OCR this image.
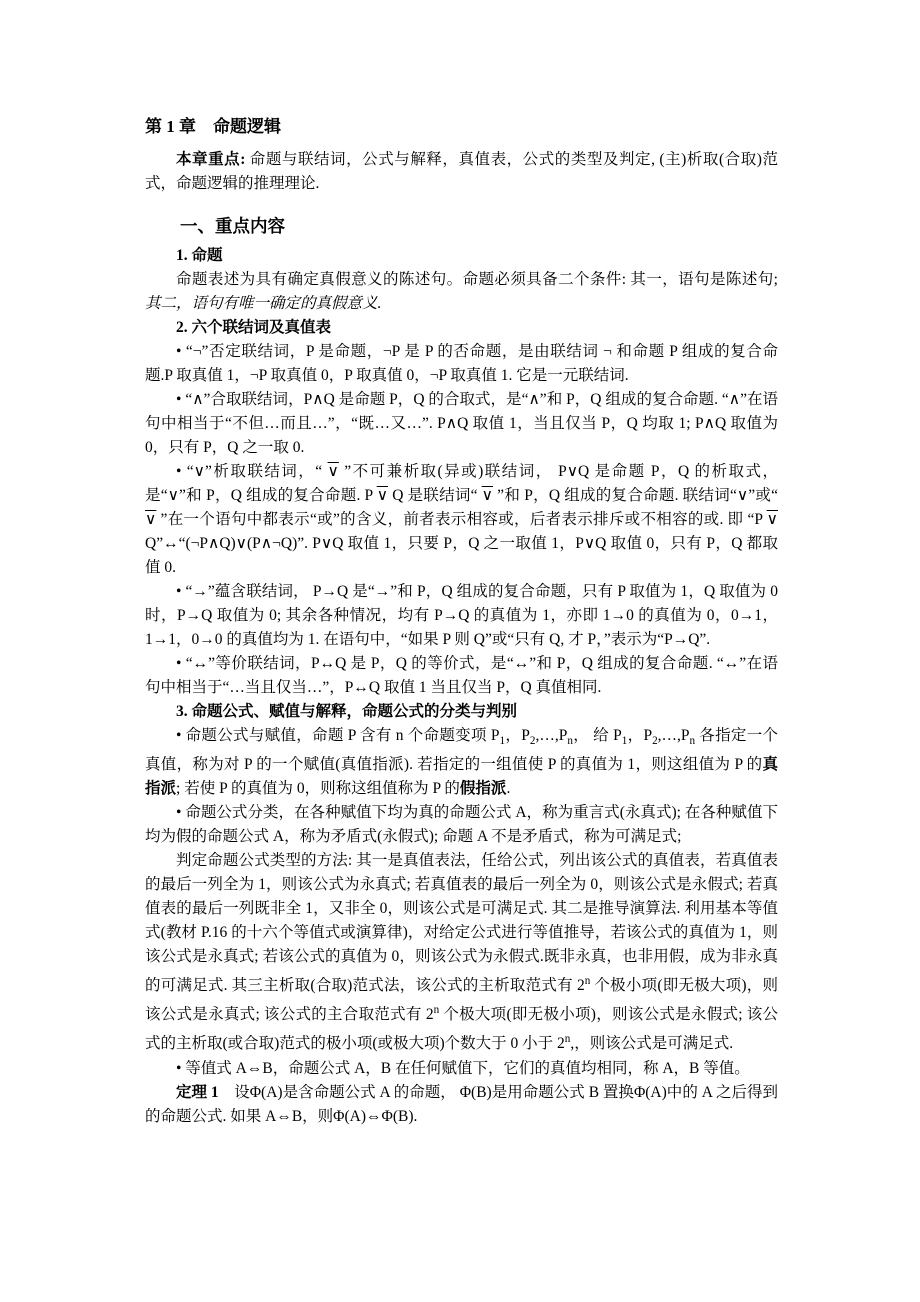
第 1 章　命题逻辑

本章重点: 命题与联结词，公式与解释，真值表，公式的类型及判定, (主)析取(合取)范式，命题逻辑的推理理论.

一、重点内容

1. 命题

命题表述为具有确定真假意义的陈述句。命题必须具备二个条件: 其一，语句是陈述句; 其二，语句有唯一确定的真假意义.

2. 六个联结词及真值表

• “¬”否定联结词，P 是命题，¬P 是 P 的否命题，是由联结词 ¬ 和命题 P 组成的复合命题.P 取真值 1，¬P 取真值 0，P 取真值 0，¬P 取真值 1. 它是一元联结词.

• “∧”合取联结词，P∧Q 是命题 P，Q 的合取式，是“∧”和 P，Q 组成的复合命题. “∧”在语句中相当于“不但…而且…”，“既…又…”. P∧Q 取值 1，当且仅当 P，Q 均取 1; P∧Q 取值为 0，只有 P，Q 之一取 0.

• “∨”析取联结词，“ ∨ ”不可兼析取(异或)联结词， P∨Q 是命题 P，Q 的析取式，是“∨”和 P，Q 组成的复合命题. P ∨ Q 是联结词“ ∨ ”和 P，Q 组成的复合命题. 联结词“∨”或“ ∨ ”在一个语句中都表示“或”的含义，前者表示相容或，后者表示排斥或不相容的或. 即 “P ∨ Q”↔“(¬P∧Q)∨(P∧¬Q)”. P∨Q 取值 1，只要 P，Q 之一取值 1，P∨Q 取值 0，只有 P，Q 都取值 0.

• “→”蕴含联结词， P→Q 是“→”和 P，Q 组成的复合命题，只有 P 取值为 1，Q 取值为 0 时，P→Q 取值为 0; 其余各种情况，均有 P→Q 的真值为 1，亦即 1→0 的真值为 0，0→1，1→1，0→0 的真值均为 1. 在语句中，“如果 P 则 Q”或“只有 Q, 才 P，”表示为“P→Q”.

• “↔”等价联结词，P↔Q 是 P，Q 的等价式，是“↔”和 P，Q 组成的复合命题. “↔”在语句中相当于“…当且仅当…”，P↔Q 取值 1 当且仅当 P，Q 真值相同.

3. 命题公式、赋值与解释，命题公式的分类与判别

• 命题公式与赋值，命题 P 含有 n 个命题变项 $P_1$，$P_2,\dots,P_n$， 给 $P_1$，$P_2,\dots,P_n$ 各指定一个真值，称为对 P 的一个赋值(真值指派). 若指定的一组值使 P 的真值为 1，则这组值为 P 的真指派; 若使 P 的真值为 0，则称这组值称为 P 的假指派.

• 命题公式分类，在各种赋值下均为真的命题公式 A，称为重言式(永真式); 在各种赋值下均为假的命题公式 A，称为矛盾式(永假式); 命题 A 不是矛盾式，称为可满足式;

判定命题公式类型的方法: 其一是真值表法，任给公式，列出该公式的真值表，若真值表的最后一列全为 1，则该公式为永真式; 若真值表的最后一列全为 0，则该公式是永假式; 若真值表的最后一列既非全 1，又非全 0，则该公式是可满足式. 其二是推导演算法. 利用基本等值式(教材 P.16 的十六个等值式或演算律)，对给定公式进行等值推导，若该公式的真值为 1，则该公式是永真式; 若该公式的真值为 0，则该公式为永假式.既非永真，也非用假，成为非永真的可满足式. 其三主析取(合取)范式法，该公式的主析取范式有 2$^n$ 个极小项(即无极大项)，则该公式是永真式; 该公式的主合取范式有 2$^n$ 个极大项(即无极小项)，则该公式是永假式; 该公式的主析取(或合取)范式的极小项(或极大项)个数大于 0 小于 2$^n$,，则该公式是可满足式.

• 等值式 A⇔B，命题公式 A，B 在任何赋值下，它们的真值均相同，称 A，B 等值。

定理 1　设Φ(A)是含命题公式 A 的命题， Φ(B)是用命题公式 B 置换Φ(A)中的 A 之后得到的命题公式. 如果 A⇔B，则Φ(A)⇔Φ(B).
